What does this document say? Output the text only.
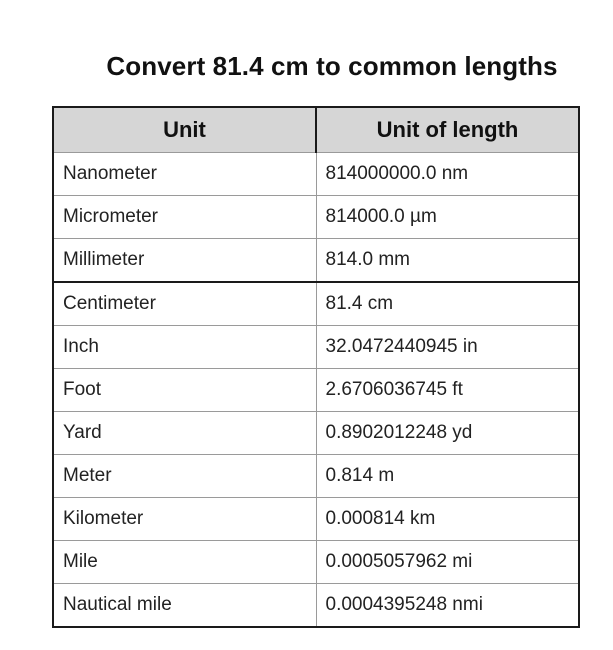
Convert 81.4 cm to common lengths
Unit	Unit of length
Nanometer	814000000.0 nm
Micrometer	814000.0 µm
Millimeter	814.0 mm
Centimeter	81.4 cm
Inch	32.0472440945 in
Foot	2.6706036745 ft
Yard	0.8902012248 yd
Meter	0.814 m
Kilometer	0.000814 km
Mile	0.0005057962 mi
Nautical mile	0.0004395248 nmi
